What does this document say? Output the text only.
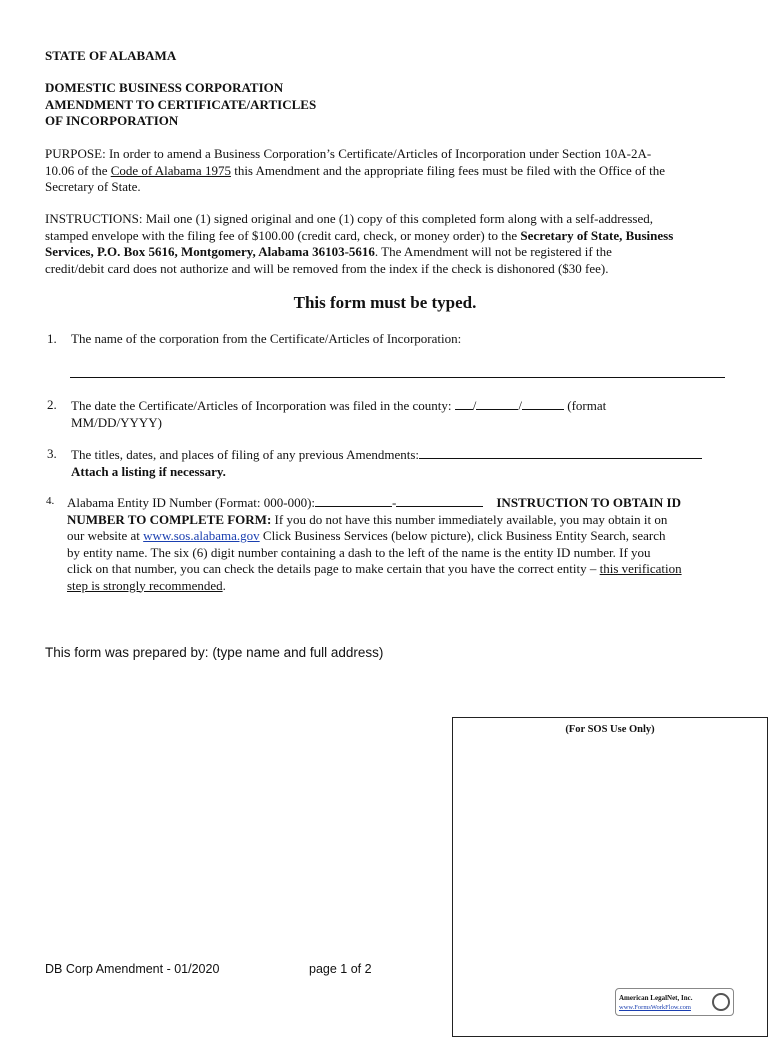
STATE OF ALABAMA
DOMESTIC BUSINESS CORPORATION
AMENDMENT TO CERTIFICATE/ARTICLES
OF INCORPORATION
PURPOSE: In order to amend a Business Corporation’s Certificate/Articles of Incorporation under Section 10A-2A-
10.06 of the Code of Alabama 1975 this Amendment and the appropriate filing fees must be filed with the Office of the
Secretary of State.
INSTRUCTIONS: Mail one (1) signed original and one (1) copy of this completed form along with a self-addressed,
stamped envelope with the filing fee of $100.00 (credit card, check, or money order) to the Secretary of State, Business
Services, P.O. Box 5616, Montgomery, Alabama 36103-5616. The Amendment will not be registered if the
credit/debit card does not authorize and will be removed from the index if the check is dishonored ($30 fee).
This form must be typed.
1. The name of the corporation from the Certificate/Articles of Incorporation:
2. The date the Certificate/Articles of Incorporation was filed in the county: /	/	(format
MM/DD/YYYY)
3. The titles, dates, and places of filing of any previous Amendments:
Attach a listing if necessary.
4. Alabama Entity ID Number (Format: 000-000):	-	INSTRUCTION TO OBTAIN ID
NUMBER TO COMPLETE FORM: If you do not have this number immediately available, you may obtain it on
our website at www.sos.alabama.gov Click Business Services (below picture), click Business Entity Search, search
by entity name. The six (6) digit number containing a dash to the left of the name is the entity ID number. If you
click on that number, you can check the details page to make certain that you have the correct entity – this verification
step is strongly recommended.
This form was prepared by: (type name and full address)
(For SOS Use Only)
DB Corp Amendment - 01/2020	page 1 of 2
American LegalNet, Inc.
www.FormsWorkFlow.com
